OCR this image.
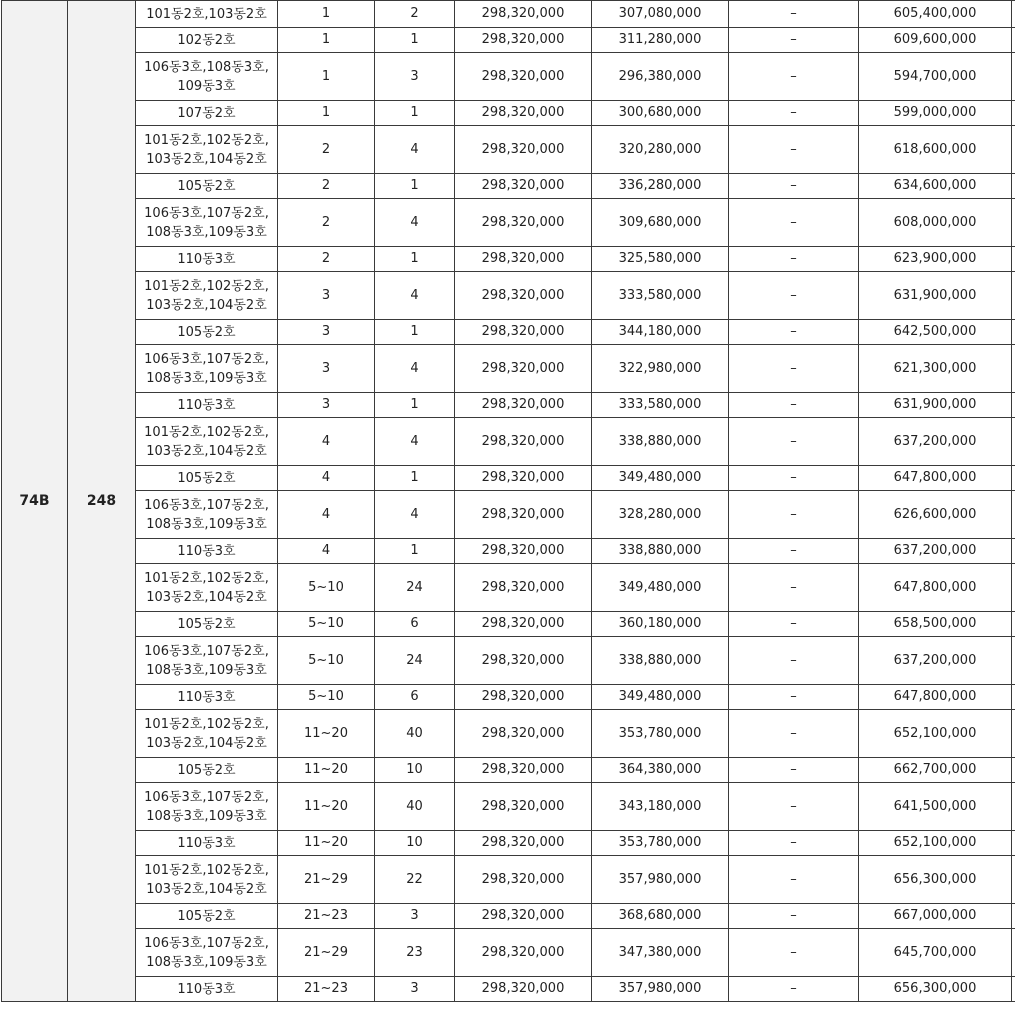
74B	248	101동2호,103동2호	1	2	298,320,000	307,080,000	–	605,400,000	
		102동2호	1	1	298,320,000	311,280,000	–	609,600,000	
		106동3호,108동3호, 109동3호	1	3	298,320,000	296,380,000	–	594,700,000	
		107동2호	1	1	298,320,000	300,680,000	–	599,000,000	
		101동2호,102동2호, 103동2호,104동2호	2	4	298,320,000	320,280,000	–	618,600,000	
		105동2호	2	1	298,320,000	336,280,000	–	634,600,000	
		106동3호,107동2호, 108동3호,109동3호	2	4	298,320,000	309,680,000	–	608,000,000	
		110동3호	2	1	298,320,000	325,580,000	–	623,900,000	
		101동2호,102동2호, 103동2호,104동2호	3	4	298,320,000	333,580,000	–	631,900,000	
		105동2호	3	1	298,320,000	344,180,000	–	642,500,000	
		106동3호,107동2호, 108동3호,109동3호	3	4	298,320,000	322,980,000	–	621,300,000	
		110동3호	3	1	298,320,000	333,580,000	–	631,900,000	
		101동2호,102동2호, 103동2호,104동2호	4	4	298,320,000	338,880,000	–	637,200,000	
		105동2호	4	1	298,320,000	349,480,000	–	647,800,000	
		106동3호,107동2호, 108동3호,109동3호	4	4	298,320,000	328,280,000	–	626,600,000	
		110동3호	4	1	298,320,000	338,880,000	–	637,200,000	
		101동2호,102동2호, 103동2호,104동2호	5~10	24	298,320,000	349,480,000	–	647,800,000	
		105동2호	5~10	6	298,320,000	360,180,000	–	658,500,000	
		106동3호,107동2호, 108동3호,109동3호	5~10	24	298,320,000	338,880,000	–	637,200,000	
		110동3호	5~10	6	298,320,000	349,480,000	–	647,800,000	
		101동2호,102동2호, 103동2호,104동2호	11~20	40	298,320,000	353,780,000	–	652,100,000	
		105동2호	11~20	10	298,320,000	364,380,000	–	662,700,000	
		106동3호,107동2호, 108동3호,109동3호	11~20	40	298,320,000	343,180,000	–	641,500,000	
		110동3호	11~20	10	298,320,000	353,780,000	–	652,100,000	
		101동2호,102동2호, 103동2호,104동2호	21~29	22	298,320,000	357,980,000	–	656,300,000	
		105동2호	21~23	3	298,320,000	368,680,000	–	667,000,000	
		106동3호,107동2호, 108동3호,109동3호	21~29	23	298,320,000	347,380,000	–	645,700,000	
		110동3호	21~23	3	298,320,000	357,980,000	–	656,300,000	
